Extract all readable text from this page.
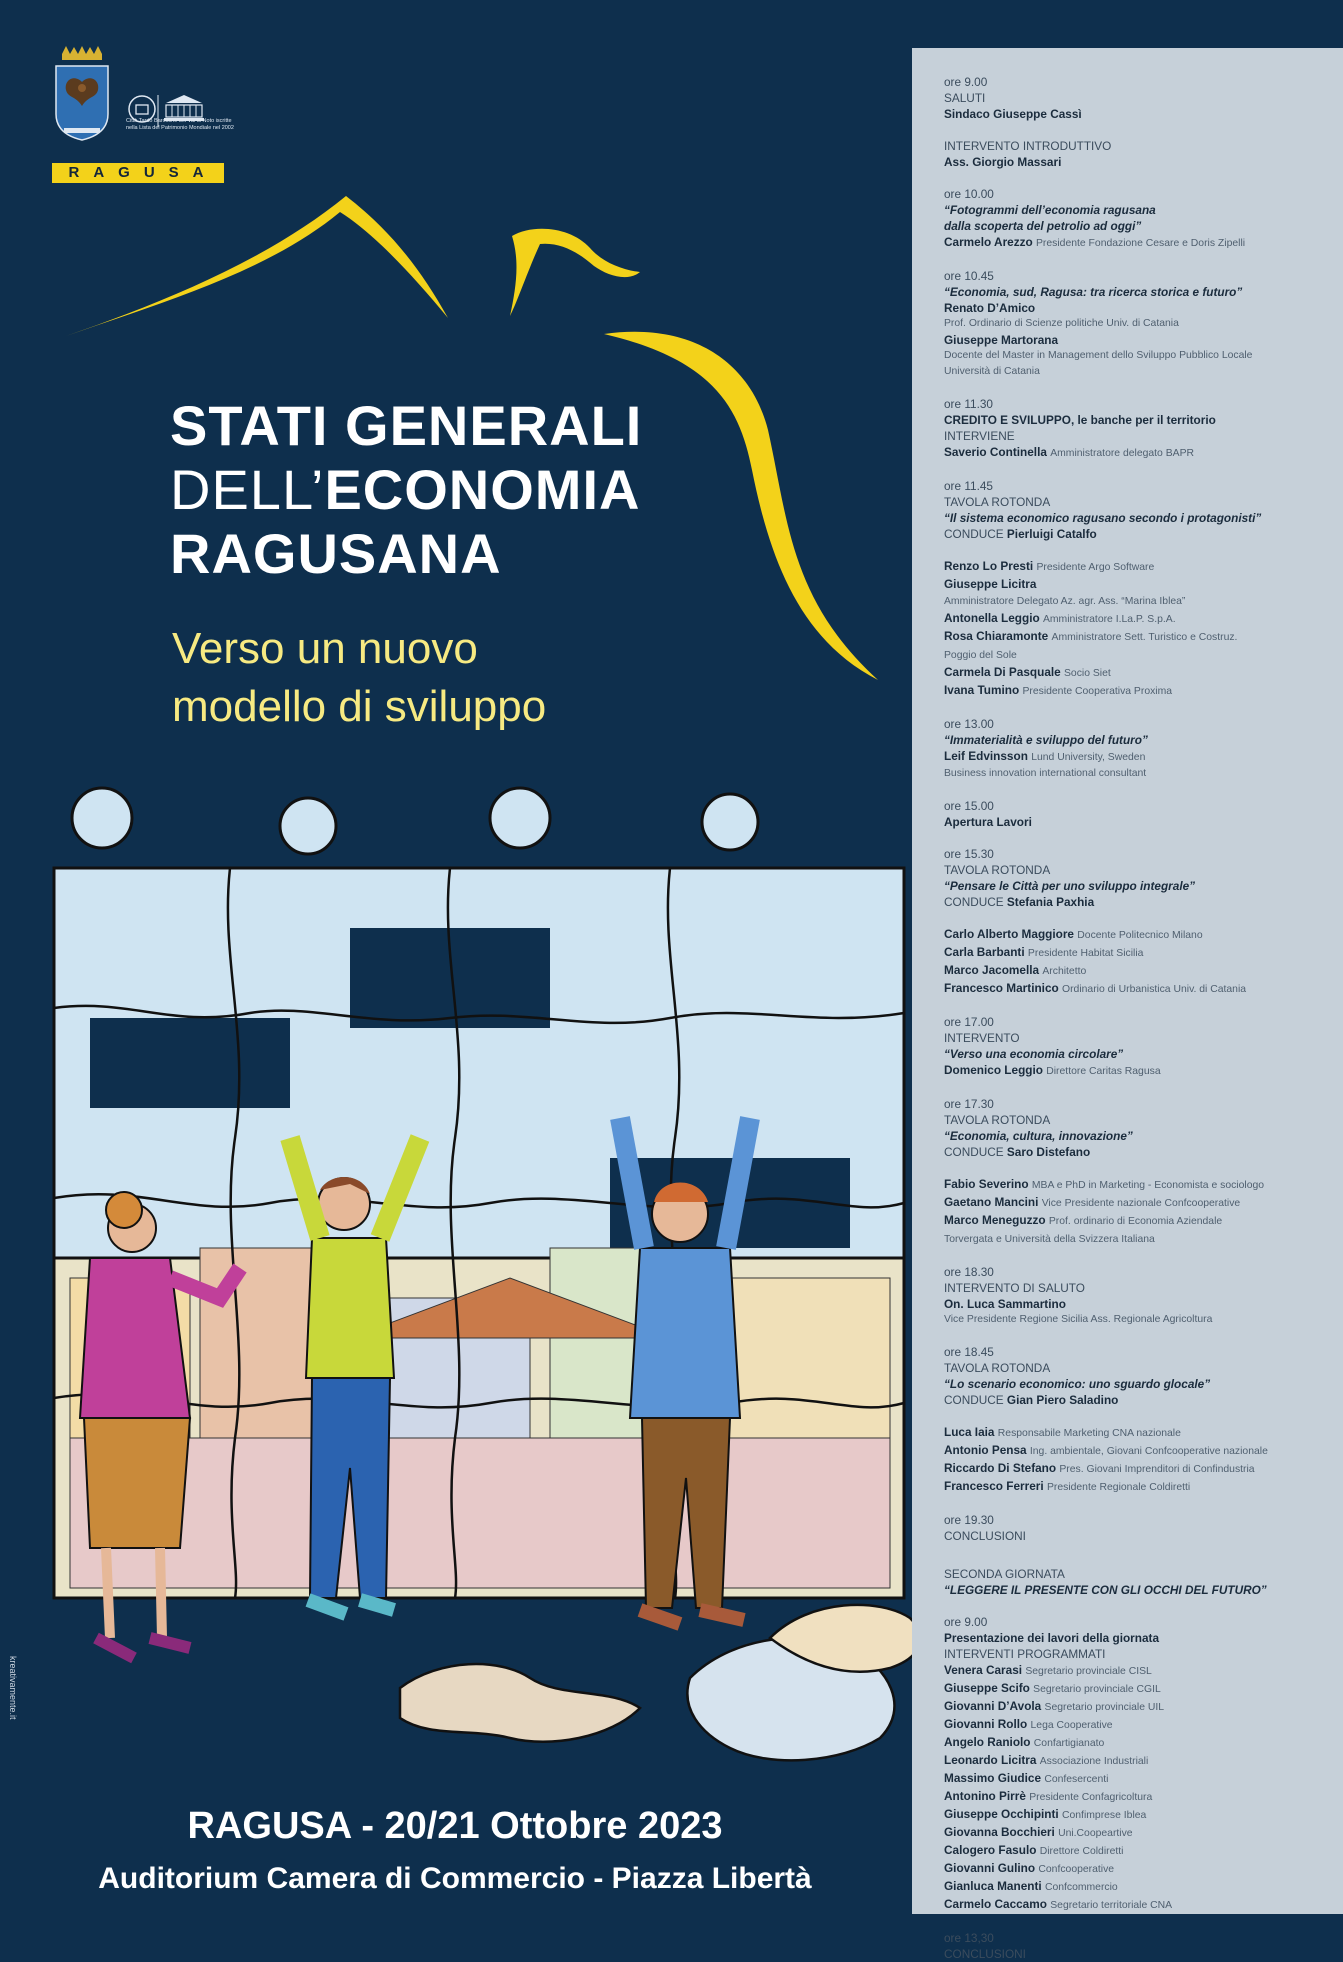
Città Tardo Barocche del Val di Noto iscritte nella Lista del Patrimonio Mondiale nel 2002
RAGUSA
STATI GENERALI
DELL’ECONOMIA
RAGUSANA
Verso un nuovo
modello di sviluppo
kreativamente.it
RAGUSA - 20/21 Ottobre 2023
Auditorium Camera di Commercio - Piazza Libertà
ore 9.00
SALUTI
Sindaco Giuseppe Cassì
INTERVENTO INTRODUTTIVO
Ass. Giorgio Massari
ore 10.00
“Fotogrammi dell’economia ragusana
dalla scoperta del petrolio ad oggi”
Carmelo Arezzo Presidente Fondazione Cesare e Doris Zipelli
ore 10.45
“Economia, sud, Ragusa: tra ricerca storica e futuro”
Renato D’Amico
Prof. Ordinario di Scienze politiche Univ. di Catania
Giuseppe Martorana
Docente del Master in Management dello Sviluppo Pubblico Locale
Università di Catania
ore 11.30
CREDITO E SVILUPPO, le banche per il territorio
INTERVIENE
Saverio Continella Amministratore delegato BAPR
ore 11.45
TAVOLA ROTONDA
“Il sistema economico ragusano secondo i protagonisti”
CONDUCE Pierluigi Catalfo
Renzo Lo Presti Presidente Argo Software
Giuseppe Licitra
Amministratore Delegato Az. agr. Ass. “Marina Iblea”
Antonella Leggio Amministratore I.La.P. S.p.A.
Rosa Chiaramonte Amministratore Sett. Turistico e Costruz.
Poggio del Sole
Carmela Di Pasquale Socio Siet
Ivana Tumino Presidente Cooperativa Proxima
ore 13.00
“Immaterialità e sviluppo del futuro”
Leif Edvinsson Lund University, Sweden
Business innovation international consultant
ore 15.00
Apertura Lavori
ore 15.30
TAVOLA ROTONDA
“Pensare le Città per uno sviluppo integrale”
CONDUCE Stefania Paxhia
Carlo Alberto Maggiore Docente Politecnico Milano
Carla Barbanti Presidente Habitat Sicilia
Marco Jacomella Architetto
Francesco Martinico Ordinario di Urbanistica Univ. di Catania
ore 17.00
INTERVENTO
“Verso una economia circolare”
Domenico Leggio Direttore Caritas Ragusa
ore 17.30
TAVOLA ROTONDA
“Economia, cultura, innovazione”
CONDUCE Saro Distefano
Fabio Severino MBA e PhD in Marketing - Economista e sociologo
Gaetano Mancini Vice Presidente nazionale Confcooperative
Marco Meneguzzo Prof. ordinario di Economia Aziendale
Torvergata e Università della Svizzera Italiana
ore 18.30
INTERVENTO DI SALUTO
On. Luca Sammartino
Vice Presidente Regione Sicilia Ass. Regionale Agricoltura
ore 18.45
TAVOLA ROTONDA
“Lo scenario economico: uno sguardo glocale”
CONDUCE Gian Piero Saladino
Luca Iaia Responsabile Marketing CNA nazionale
Antonio Pensa Ing. ambientale, Giovani Confcooperative nazionale
Riccardo Di Stefano Pres. Giovani Imprenditori di Confindustria
Francesco Ferreri Presidente Regionale Coldiretti
ore 19.30
CONCLUSIONI
SECONDA GIORNATA
“LEGGERE IL PRESENTE CON GLI OCCHI DEL FUTURO”
ore 9.00
Presentazione dei lavori della giornata
INTERVENTI PROGRAMMATI
Venera Carasi Segretario provinciale CISL
Giuseppe Scifo Segretario provinciale CGIL
Giovanni D’Avola Segretario provinciale UIL
Giovanni Rollo Lega Cooperative
Angelo Raniolo Confartigianato
Leonardo Licitra Associazione Industriali
Massimo Giudice Confesercenti
Antonino Pirrè Presidente Confagricoltura
Giuseppe Occhipinti Confimprese Iblea
Giovanna Bocchieri Uni.Coopeartive
Calogero Fasulo Direttore Coldiretti
Giovanni Gulino Confcooperative
Gianluca Manenti Confcommercio
Carmelo Caccamo Segretario territoriale CNA
ore 13,30
CONCLUSIONI
